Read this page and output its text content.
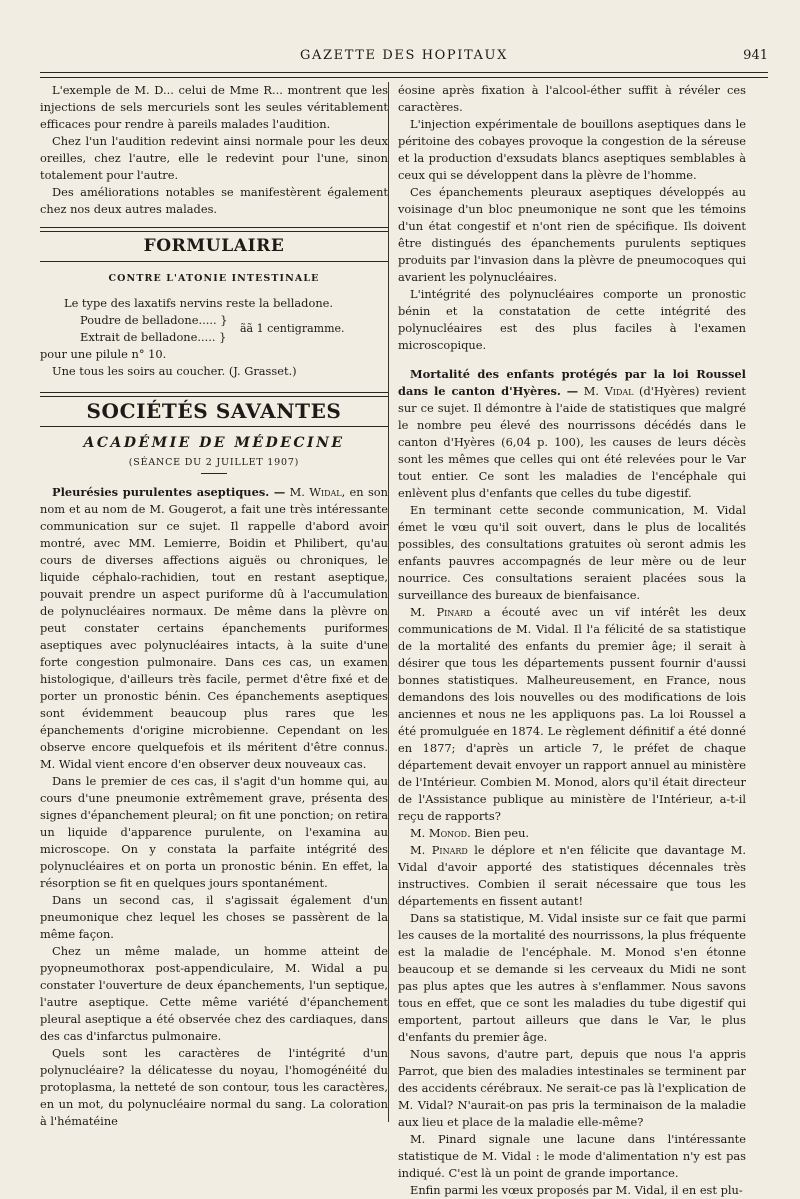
GAZETTE DES HOPITAUX	941

L'exemple de M. D... celui de Mme R... montrent que les injections de sels mercuriels sont les seules véritablement efficaces pour rendre à pareils malades l'audition.

Chez l'un l'audition redevint ainsi normale pour les deux oreilles, chez l'autre, elle le redevint pour l'une, sinon totalement pour l'autre.

Des améliorations notables se manifestèrent également chez nos deux autres malades.

FORMULAIRE
CONTRE L'ATONIE INTESTINALE

Le type des laxatifs nervins reste la belladone.

Poudre de belladone..... }
ãã 1 centigramme.
Extrait de belladone..... }

pour une pilule n° 10.

Une tous les soirs au coucher. (J. Grasset.)

SOCIÉTÉS SAVANTES
ACADÉMIE DE MÉDECINE
(SÉANCE DU 2 JUILLET 1907)

Pleurésies purulentes aseptiques. — M. Widal, en son nom et au nom de M. Gougerot, a fait une très intéressante communication sur ce sujet. Il rappelle d'abord avoir montré, avec MM. Lemierre, Boidin et Philibert, qu'au cours de diverses affections aiguës ou chroniques, le liquide céphalo-rachidien, tout en restant aseptique, pouvait prendre un aspect puriforme dû à l'accumulation de polynucléaires normaux. De même dans la plèvre on peut constater certains épanchements puriformes aseptiques avec polynucléaires intacts, à la suite d'une forte congestion pulmonaire. Dans ces cas, un examen histologique, d'ailleurs très facile, permet d'être fixé et de porter un pronostic bénin. Ces épanchements aseptiques sont évidemment beaucoup plus rares que les épanchements d'origine microbienne. Cependant on les observe encore quelquefois et ils méritent d'être connus. M. Widal vient encore d'en observer deux nouveaux cas.

Dans le premier de ces cas, il s'agit d'un homme qui, au cours d'une pneumonie extrêmement grave, présenta des signes d'épanchement pleural; on fit une ponction; on retira un liquide d'apparence purulente, on l'examina au microscope. On y constata la parfaite intégrité des polynucléaires et on porta un pronostic bénin. En effet, la résorption se fit en quelques jours spontanément.

Dans un second cas, il s'agissait également d'un pneumonique chez lequel les choses se passèrent de la même façon.

Chez un même malade, un homme atteint de pyopneumothorax post-appendiculaire, M. Widal a pu constater l'ouverture de deux épanchements, l'un septique, l'autre aseptique. Cette même variété d'épanchement pleural aseptique a été observée chez des cardiaques, dans des cas d'infarctus pulmonaire.

Quels sont les caractères de l'intégrité d'un polynucléaire? la délicatesse du noyau, l'homogénéité du protoplasma, la netteté de son contour, tous les caractères, en un mot, du polynucléaire normal du sang. La coloration à l'hématéine

éosine après fixation à l'alcool-éther suffit à révéler ces caractères.

L'injection expérimentale de bouillons aseptiques dans le péritoine des cobayes provoque la congestion de la séreuse et la production d'exsudats blancs aseptiques semblables à ceux qui se développent dans la plèvre de l'homme.

Ces épanchements pleuraux aseptiques développés au voisinage d'un bloc pneumonique ne sont que les témoins d'un état congestif et n'ont rien de spécifique. Ils doivent être distingués des épanchements purulents septiques produits par l'invasion dans la plèvre de pneumocoques qui avarient les polynucléaires.

L'intégrité des polynucléaires comporte un pronostic bénin et la constatation de cette intégrité des polynucléaires est des plus faciles à l'examen microscopique.

Mortalité des enfants protégés par la loi Roussel dans le canton d'Hyères. — M. Vidal (d'Hyères) revient sur ce sujet. Il démontre à l'aide de statistiques que malgré le nombre peu élevé des nourrissons décédés dans le canton d'Hyères (6,04 p. 100), les causes de leurs décès sont les mêmes que celles qui ont été relevées pour le Var tout entier. Ce sont les maladies de l'encéphale qui enlèvent plus d'enfants que celles du tube digestif.

En terminant cette seconde communication, M. Vidal émet le vœu qu'il soit ouvert, dans le plus de localités possibles, des consultations gratuites où seront admis les enfants pauvres accompagnés de leur mère ou de leur nourrice. Ces consultations seraient placées sous la surveillance des bureaux de bienfaisance.

M. Pinard a écouté avec un vif intérêt les deux communications de M. Vidal. Il l'a félicité de sa statistique de la mortalité des enfants du premier âge; il serait à désirer que tous les départements pussent fournir d'aussi bonnes statistiques. Malheureusement, en France, nous demandons des lois nouvelles ou des modifications de lois anciennes et nous ne les appliquons pas. La loi Roussel a été promulguée en 1874. Le règlement définitif a été donné en 1877; d'après un article 7, le préfet de chaque département devait envoyer un rapport annuel au ministère de l'Intérieur. Combien M. Monod, alors qu'il était directeur de l'Assistance publique au ministère de l'Intérieur, a-t-il reçu de rapports?

M. Monod. Bien peu.

M. Pinard le déplore et n'en félicite que davantage M. Vidal d'avoir apporté des statistiques décennales très instructives. Combien il serait nécessaire que tous les départements en fissent autant!

Dans sa statistique, M. Vidal insiste sur ce fait que parmi les causes de la mortalité des nourrissons, la plus fréquente est la maladie de l'encéphale. M. Monod s'en étonne beaucoup et se demande si les cerveaux du Midi ne sont pas plus aptes que les autres à s'enflammer. Nous savons tous en effet, que ce sont les maladies du tube digestif qui emportent, partout ailleurs que dans le Var, le plus d'enfants du premier âge.

Nous savons, d'autre part, depuis que nous l'a appris Parrot, que bien des maladies intestinales se terminent par des accidents cérébraux. Ne serait-ce pas là l'explication de M. Vidal? N'aurait-on pas pris la terminaison de la maladie aux lieu et place de la maladie elle-même?

M. Pinard signale une lacune dans l'intéressante statistique de M. Vidal : le mode d'alimentation n'y est pas indiqué. C'est là un point de grande importance.

Enfin parmi les vœux proposés par M. Vidal, il en est plu-
